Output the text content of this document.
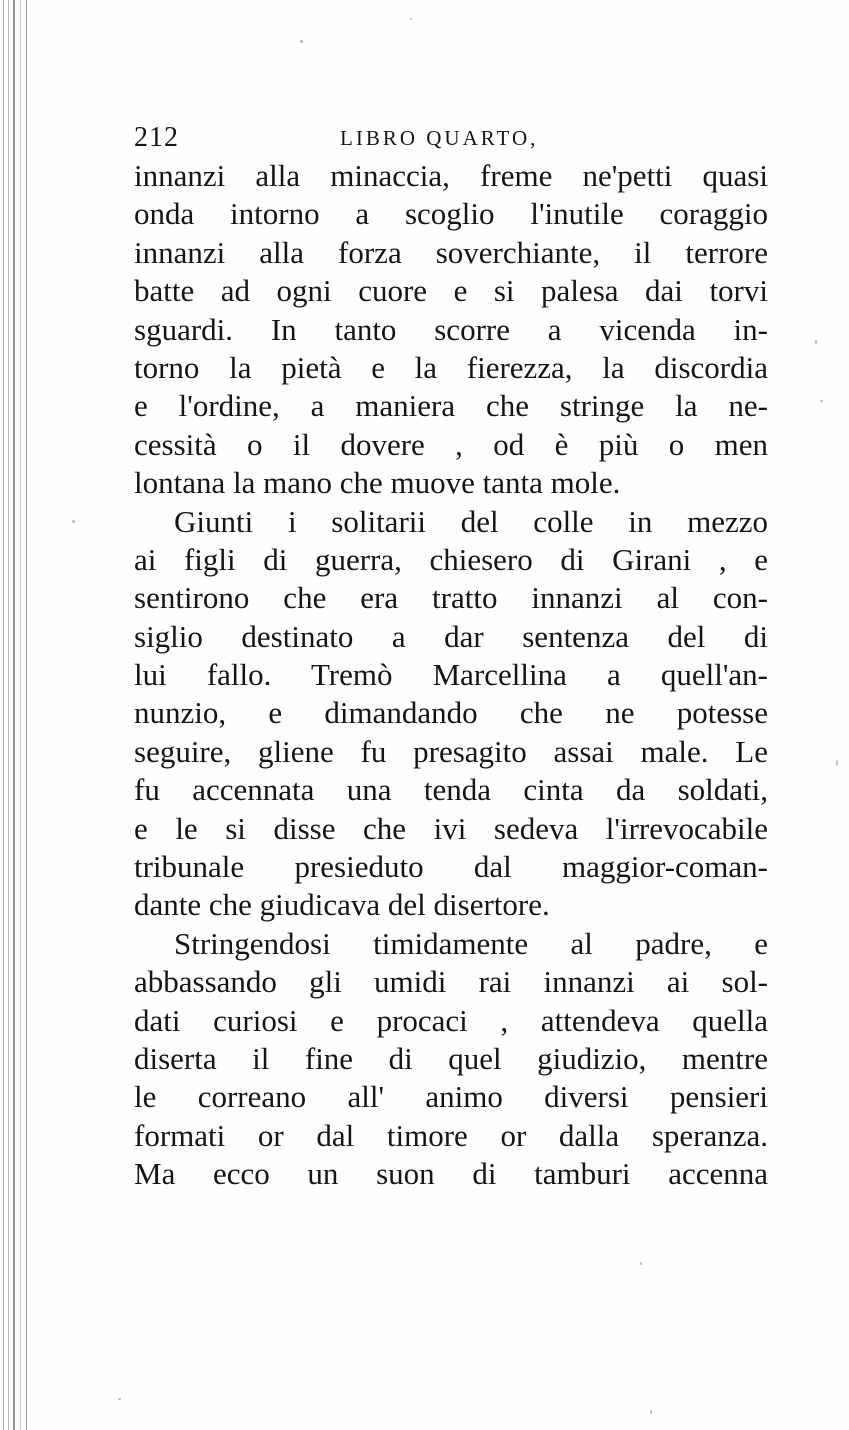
212	LIBRO QUARTO,
innanzi alla minaccia, freme ne'petti quasi
onda intorno a scoglio l'inutile coraggio
innanzi alla forza soverchiante, il terrore
batte ad ogni cuore e si palesa dai torvi
sguardi. In tanto scorre a vicenda in-
torno la pietà e la fierezza, la discordia
e l'ordine, a maniera che stringe la ne-
cessità o il dovere , od è più o men
lontana la mano che muove tanta mole.
Giunti i solitarii del colle in mezzo
ai figli di guerra, chiesero di Girani , e
sentirono che era tratto innanzi al con-
siglio destinato a dar sentenza del di
lui fallo. Tremò Marcellina a quell'an-
nunzio, e dimandando che ne potesse
seguire, gliene fu presagito assai male. Le
fu accennata una tenda cinta da soldati,
e le si disse che ivi sedeva l'irrevocabile
tribunale presieduto dal maggior-coman-
dante che giudicava del disertore.
Stringendosi timidamente al padre, e
abbassando gli umidi rai innanzi ai sol-
dati curiosi e procaci , attendeva quella
diserta il fine di quel giudizio, mentre
le correano all' animo diversi pensieri
formati or dal timore or dalla speranza.
Ma ecco un suon di tamburi accenna
